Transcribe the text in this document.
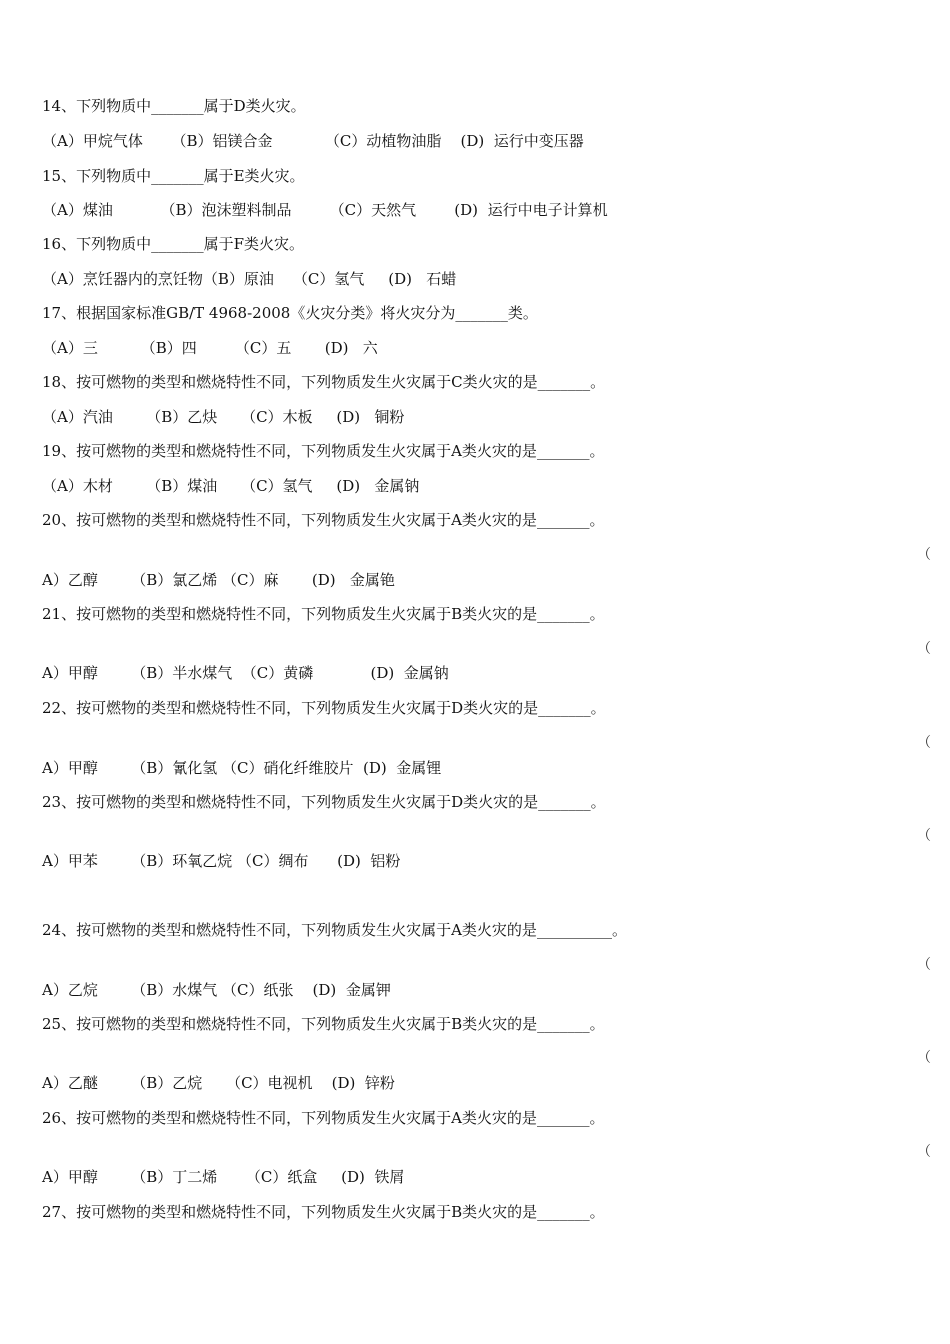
14、下列物质中_______属于D类火灾。
（A）甲烷气体      （B）铝镁合金           （C）动植物油脂    (D)  运行中变压器
15、下列物质中_______属于E类火灾。
（A）煤油          （B）泡沫塑料制品        （C）天然气        (D)  运行中电子计算机
16、下列物质中_______属于F类火灾。
（A）烹饪器内的烹饪物（B）原油    （C）氢气     (D)   石蜡
17、根据国家标准GB/T 4968-2008《火灾分类》将火灾分为_______类。
（A）三         （B）四        （C）五       (D)   六
18、按可燃物的类型和燃烧特性不同，下列物质发生火灾属于C类火灾的是_______。
（A）汽油       （B）乙炔     （C）木板     (D)   铜粉
19、按可燃物的类型和燃烧特性不同，下列物质发生火灾属于A类火灾的是_______。
（A）木材       （B）煤油     （C）氢气     (D)   金属钠
20、按可燃物的类型和燃烧特性不同，下列物质发生火灾属于A类火灾的是_______。
（
A）乙醇       （B）氯乙烯 （C）麻       (D)   金属铯
21、按可燃物的类型和燃烧特性不同，下列物质发生火灾属于B类火灾的是_______。
（
A）甲醇       （B）半水煤气  （C）黄磷            (D)  金属钠
22、按可燃物的类型和燃烧特性不同，下列物质发生火灾属于D类火灾的是_______。
（
A）甲醇       （B）氰化氢 （C）硝化纤维胶片  (D)  金属锂
23、按可燃物的类型和燃烧特性不同，下列物质发生火灾属于D类火灾的是_______。
（
A）甲苯       （B）环氧乙烷 （C）绸布      (D)  铝粉
24、按可燃物的类型和燃烧特性不同，下列物质发生火灾属于A类火灾的是__________。
（
A）乙烷       （B）水煤气 （C）纸张    (D)  金属钾
25、按可燃物的类型和燃烧特性不同，下列物质发生火灾属于B类火灾的是_______。
（
A）乙醚       （B）乙烷     （C）电视机    (D)  锌粉
26、按可燃物的类型和燃烧特性不同，下列物质发生火灾属于A类火灾的是_______。
（
A）甲醇       （B）丁二烯      （C）纸盒     (D)  铁屑
27、按可燃物的类型和燃烧特性不同，下列物质发生火灾属于B类火灾的是_______。
